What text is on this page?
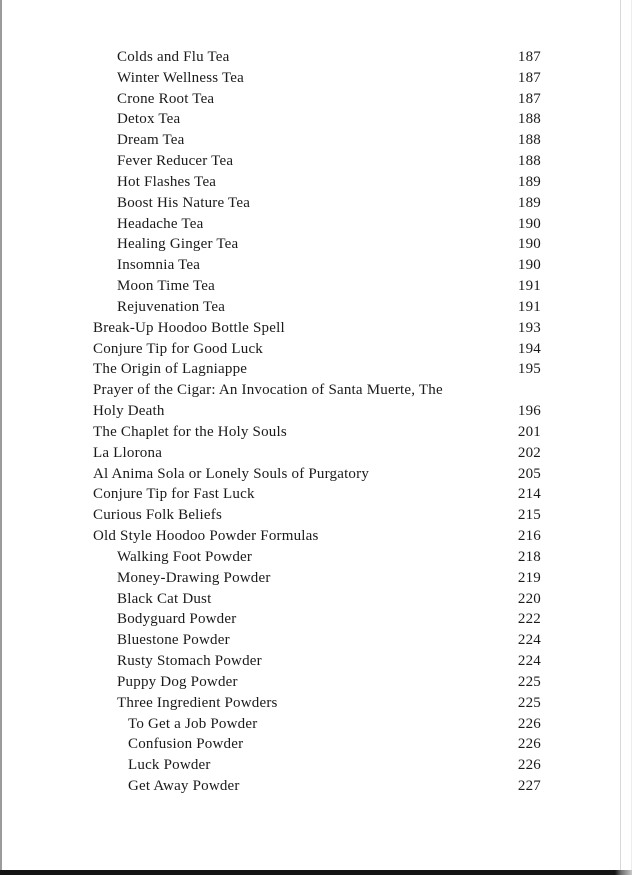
Colds and Flu Tea	187
Winter Wellness Tea	187
Crone Root Tea	187
Detox Tea	188
Dream Tea	188
Fever Reducer Tea	188
Hot Flashes Tea	189
Boost His Nature Tea	189
Headache Tea	190
Healing Ginger Tea	190
Insomnia Tea	190
Moon Time Tea	191
Rejuvenation Tea	191
Break-Up Hoodoo Bottle Spell	193
Conjure Tip for Good Luck	194
The Origin of Lagniappe	195
Prayer of the Cigar: An Invocation of Santa Muerte, The
Holy Death	196
The Chaplet for the Holy Souls	201
La Llorona	202
Al Anima Sola or Lonely Souls of Purgatory	205
Conjure Tip for Fast Luck	214
Curious Folk Beliefs	215
Old Style Hoodoo Powder Formulas	216
Walking Foot Powder	218
Money-Drawing Powder	219
Black Cat Dust	220
Bodyguard Powder	222
Bluestone Powder	224
Rusty Stomach Powder	224
Puppy Dog Powder	225
Three Ingredient Powders	225
To Get a Job Powder	226
Confusion Powder	226
Luck Powder	226
Get Away Powder	227
